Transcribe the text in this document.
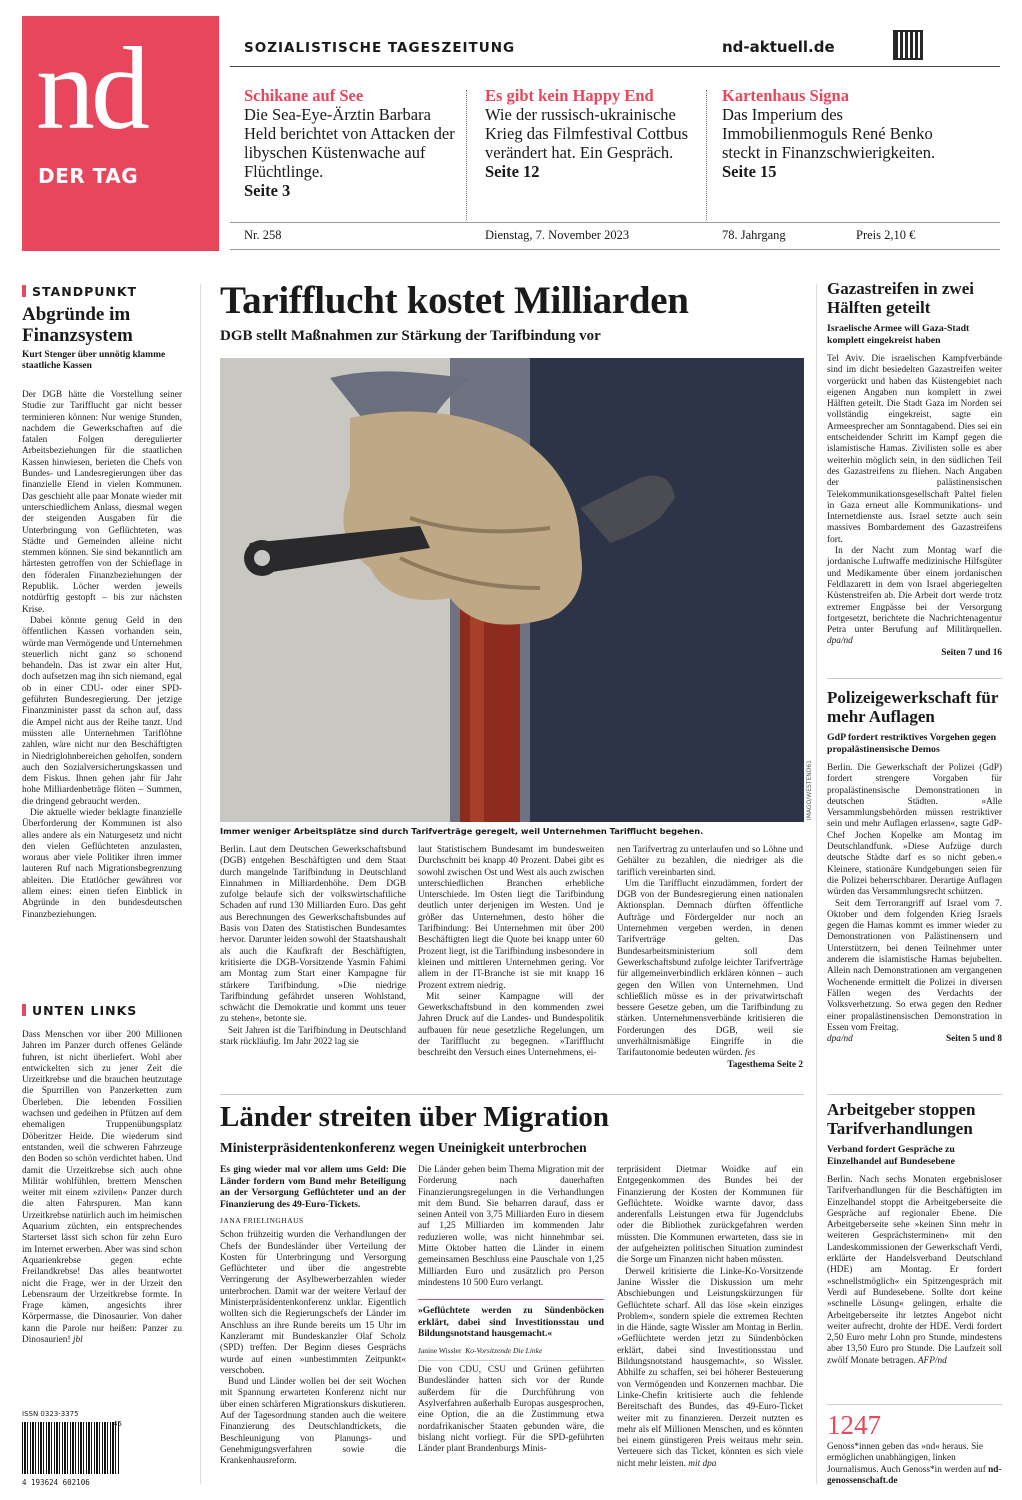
nd
DER TAG
SOZIALISTISCHE TAGESZEITUNG	nd-aktuell.de
Schikane auf See
Die Sea-Eye-Ärztin Barbara Held berichtet von Attacken der libyschen Küstenwache auf Flüchtlinge.
Seite 3
Es gibt kein Happy End
Wie der russisch-ukrainische Krieg das Filmfestival Cottbus verändert hat. Ein Gespräch.
Seite 12
Kartenhaus Signa
Das Imperium des Immobilienmoguls René Benko steckt in Finanzschwierigkeiten.
Seite 15
Nr. 258	Dienstag, 7. November 2023	78. Jahrgang	Preis 2,10 €
STANDPUNKT
Abgründe im Finanzsystem
Kurt Stenger über unnötig klamme staatliche Kassen

Der DGB hätte die Vorstellung seiner Studie zur Tarifflucht gar nicht besser terminieren können: Nur wenige Stunden, nachdem die Gewerkschaften auf die fatalen Folgen deregulierter Arbeitsbeziehungen für die staatlichen Kassen hinwiesen, berieten die Chefs von Bundes- und Landesregierungen über das finanzielle Elend in vielen Kommunen. Das geschieht alle paar Monate wieder mit unterschiedlichem Anlass, diesmal wegen der steigenden Ausgaben für die Unterbringung von Geflüchteten, was Städte und Gemeinden alleine nicht stemmen können. Sie sind bekanntlich am härtesten getroffen von der Schieflage in den föderalen Finanzbeziehungen der Republik. Löcher werden jeweils notdürftig gestopft – bis zur nächsten Krise.

Dabei könnte genug Geld in den öffentlichen Kassen vorhanden sein, würde man Vermögende und Unternehmen steuerlich nicht ganz so schonend behandeln. Das ist zwar ein alter Hut, doch aufsetzen mag ihn sich niemand, egal ob in einer CDU- oder einer SPD-geführten Bundesregierung. Der jetzige Finanzminister passt da schon auf, dass die Ampel nicht aus der Reihe tanzt. Und müssten alle Unternehmen Tariflöhne zahlen, wäre nicht nur den Beschäftigten in Niedriglohnbereichen geholfen, sondern auch den Sozialversicherungskassen und dem Fiskus. Ihnen gehen jahr für Jahr hohe Milliardenbeträge flöten – Summen, die dringend gebraucht werden.

Die aktuelle wieder beklagte finanzielle Überforderung der Kommunen ist also alles andere als ein Naturgesetz und nicht den vielen Geflüchteten anzulasten, woraus aber viele Politiker ihren immer lauteren Ruf nach Migrationsbegrenzung ableiten. Die Etatlöcher gewähren vor allem eines: einen tiefen Einblick in Abgründe in den bundesdeutschen Finanzbeziehungen.

UNTEN LINKS

Dass Menschen vor über 200 Millionen Jahren im Panzer durch offenes Gelände fuhren, ist nicht überliefert. Wohl aber entwickelten sich zu jener Zeit die Urzeitkrebse und die brauchen heutzutage die Spurrillen von Panzerketten zum Überleben. Die lebenden Fossilien wachsen und gedeihen in Pfützen auf dem ehemaligen Truppenübungsplatz Döberitzer Heide. Die wiederum sind entstanden, weil die schweren Fahrzeuge den Boden so schön verdichtet haben. Und damit die Urzeitkrebse sich auch ohne Militär wohlfühlen, brettern Menschen weiter mit einem »zivilen« Panzer durch die alten Fahrspuren. Man kann Urzeitkrebse natürlich auch im heimischen Aquarium züchten, ein entsprechendes Starterset lässt sich schon für zehn Euro im Internet erwerben. Aber was sind schon Aquarienkrebse gegen echte Freilandkrebse! Das alles beantwortet nicht die Frage, wer in der Urzeit den Lebensraum der Urzeitkrebse formte. In Frage kämen, angesichts ihrer Körpermasse, die Dinosaurier. Von daher kann die Parole nur heißen: Panzer zu Dinosaurien! jbl

ISSN 0323-3375
45
4 193624 602106
Tarifflucht kostet Milliarden
DGB stellt Maßnahmen zur Stärkung der Tarifbindung vor
IMAGO/WESTEND61
Immer weniger Arbeitsplätze sind durch Tarifverträge geregelt, weil Unternehmen Tarifflucht begehen.

Berlin. Laut dem Deutschen Gewerkschaftsbund (DGB) entgehen Beschäftigten und dem Staat durch mangelnde Tarifbindung in Deutschland Einnahmen in Milliardenhöhe. Dem DGB zufolge belaufe sich der volkswirtschaftliche Schaden auf rund 130 Milliarden Euro. Das geht aus Berechnungen des Gewerkschaftsbundes auf Basis von Daten des Statistischen Bundesamtes hervor. Darunter leiden sowohl der Staatshaushalt als auch die Kaufkraft der Beschäftigten, kritisierte die DGB-Vorsitzende Yasmin Fahimi am Montag zum Start einer Kampagne für stärkere Tarifbindung. »Die niedrige Tarifbindung gefährdet unseren Wohlstand, schwächt die Demokratie und kommt uns teuer zu stehen«, betonte sie.

Seit Jahren ist die Tarifbindung in Deutschland stark rückläufig. Im Jahr 2022 lag sie

laut Statistischem Bundesamt im bundesweiten Durchschnitt bei knapp 40 Prozent. Dabei gibt es sowohl zwischen Ost und West als auch zwischen unterschiedlichen Branchen erhebliche Unterschiede. Im Osten liegt die Tarifbindung deutlich unter derjenigen im Westen. Und je größer das Unternehmen, desto höher die Tarifbindung: Bei Unternehmen mit über 200 Beschäftigten liegt die Quote bei knapp unter 60 Prozent liegt, ist die Tarifbindung insbesondere in kleinen und mittleren Unternehmen gering. Vor allem in der IT-Branche ist sie mit knapp 16 Prozent extrem niedrig.

Mit seiner Kampagne will der Gewerkschaftsbund in den kommenden zwei Jahren Druck auf die Landes- und Bundespolitik aufbauen für neue gesetzliche Regelungen, um der Tarifflucht zu begegnen. »Tarifflucht beschreibt den Versuch eines Unternehmens, ei-

nen Tarifvertrag zu unterlaufen und so Löhne und Gehälter zu bezahlen, die niedriger als die tariflich vereinbarten sind.

Um die Tarifflucht einzudämmen, fordert der DGB von der Bundesregierung einen nationalen Aktionsplan. Demnach dürften öffentliche Aufträge und Fördergelder nur noch an Unternehmen vergeben werden, in denen Tarifverträge gelten. Das Bundesarbeitsministerium soll dem Gewerkschaftsbund zufolge leichter Tarifverträge für allgemeinverbindlich erklären können – auch gegen den Willen von Unternehmen. Und schließlich müsse es in der privatwirtschaft bessere Gesetze geben, um die Tarifbindung zu stärken. Unternehmensverbände kritisieren die Forderungen des DGB, weil sie unverhältnismäßige Eingriffe in die Tarifautonomie bedeuten würden. fes

Tagesthema Seite 2
Länder streiten über Migration
Ministerpräsidentenkonferenz wegen Uneinigkeit unterbrochen
Es ging wieder mal vor allem ums Geld: Die Länder fordern vom Bund mehr Beteiligung an der Versorgung Geflüchteter und an der Finanzierung des 49-Euro-Tickets.
JANA FRIELINGHAUS

Schon frühzeitig wurden die Verhandlungen der Chefs der Bundesländer über Verteilung der Kosten für Unterbringung und Versorgung Geflüchteter und über die angestrebte Verringerung der Asylbewerberzahlen wieder unterbrochen. Damit war der weitere Verlauf der Ministerpräsidentenkonferenz unklar. Eigentlich wollten sich die Regierungschefs der Länder im Anschluss an ihre Runde bereits um 15 Uhr im Kanzleramt mit Bundeskanzler Olaf Scholz (SPD) treffen. Der Beginn dieses Gesprächs wurde auf einen »unbestimmten Zeitpunkt« verschoben.

Bund und Länder wollen bei der seit Wochen mit Spannung erwarteten Konferenz nicht nur über einen schärferen Migrationskurs diskutieren. Auf der Tagesordnung standen auch die weitere Finanzierung des Deutschlandtickets, die Beschleunigung von Planungs- und Genehmigungsverfahren sowie die Krankenhausreform.

Die Länder gehen beim Thema Migration mit der Forderung nach dauerhaften Finanzierungsregelungen in die Verhandlungen mit dem Bund. Sie beharren darauf, dass er seinen Anteil von 3,75 Milliarden Euro in diesem auf 1,25 Milliarden im kommenden Jahr reduzieren wolle, was nicht hinnehmbar sei. Mitte Oktober hatten die Länder in einem gemeinsamen Beschluss eine Pauschale von 1,25 Milliarden Euro und zusätzlich pro Person mindestens 10 500 Euro verlangt.

»Geflüchtete werden zu Sündenböcken erklärt, dabei sind Investitionsstau und Bildungsnotstand hausgemacht.«
Janine Wissler Ko-Vorsitzende Die Linke

Die von CDU, CSU und Grünen geführten Bundesländer hatten sich vor der Runde außerdem für die Durchführung von Asylverfahren außerhalb Europas ausgesprochen, eine Option, die an die Zustimmung etwa nordafrikanischer Staaten gebunden wäre, die bislang nicht vorliegt. Für die SPD-geführten Länder plant Brandenburgs Minis-

terpräsident Dietmar Woidke auf ein Entgegenkommen des Bundes bei der Finanzierung der Kosten der Kommunen für Geflüchtete. Woidke warnte davor, dass anderenfalls Leistungen etwa für Jugendclubs oder die Bibliothek zurückgefahren werden müssten. Die Kommunen erwarteten, dass sie in der aufgeheizten politischen Situation zumindest die Sorge um Finanzen nicht haben müssten.

Derweil kritisierte die Linke-Ko-Vorsitzende Janine Wissler die Diskussion um mehr Abschiebungen und Leistungskürzungen für Geflüchtete scharf. All das löse »kein einziges Problem«, sondern spiele die extremen Rechten in die Hände, sagte Wissler am Montag in Berlin. »Geflüchtete werden jetzt zu Sündenböcken erklärt, dabei sind Investitionsstau und Bildungsnotstand hausgemacht«, so Wissler. Abhilfe zu schaffen, sei bei höherer Besteuerung von Vermögenden und Konzernen machbar. Die Linke-Chefin kritisierte auch die fehlende Bereitschaft des Bundes, das 49-Euro-Ticket weiter mit zu finanzieren. Derzeit nutzten es mehr als elf Millionen Menschen, und es könnten bei einem günstigeren Preis weitaus mehr sein. Verteuere sich das Ticket, könnten es sich viele nicht mehr leisten. mit dpa

Gazastreifen in zwei Hälften geteilt
Israelische Armee will Gaza-Stadt komplett eingekreist haben

Tel Aviv. Die israelischen Kampfverbände sind im dicht besiedelten Gazastreifen weiter vorgerückt und haben das Küstengebiet nach eigenen Angaben nun komplett in zwei Hälften geteilt. Die Stadt Gaza im Norden sei vollständig eingekreist, sagte ein Armeesprecher am Sonntagabend. Dies sei ein entscheidender Schritt im Kampf gegen die islamistische Hamas. Zivilisten solle es aber weiterhin möglich sein, in den südlichen Teil des Gazastreifens zu fliehen. Nach Angaben der palästinensischen Telekommunikationsgesellschaft Paltel fielen in Gaza erneut alle Kommunikations- und Internetdienste aus. Israel setzte auch sein massives Bombardement des Gazastreifens fort.

In der Nacht zum Montag warf die jordanische Luftwaffe medizinische Hilfsgüter und Medikamente über einem jordanischen Feldlazarett in dem von Israel abgeriegelten Küstenstreifen ab. Die Arbeit dort werde trotz extremer Engpässe bei der Versorgung fortgesetzt, berichtete die Nachrichtenagentur Petra unter Berufung auf Militärquellen. dpa/nd

Seiten 7 und 16
Polizeigewerkschaft für mehr Auflagen
GdP fordert restriktives Vorgehen gegen propalästinensische Demos

Berlin. Die Gewerkschaft der Polizei (GdP) fordert strengere Vorgaben für propalästinensische Demonstrationen in deutschen Städten. »Alle Versammlungsbehörden müssen restriktiver sein und mehr Auflagen erlassen«, sagte GdP-Chef Jochen Kopelke am Montag im Deutschlandfunk. »Diese Aufzüge durch deutsche Städte darf es so nicht geben.« Kleinere, stationäre Kundgebungen seien für die Polizei beherrschbarer. Derartige Auflagen würden das Versammlungsrecht schützen.

Seit dem Terrorangriff auf Israel vom 7. Oktober und dem folgenden Krieg Israels gegen die Hamas kommt es immer wieder zu Demonstrationen von Palästinensern und Unterstützern, bei denen Teilnehmer unter anderem die islamistische Hamas bejubelten. Allein nach Demonstrationen am vergangenen Wochenende ermittelt die Polizei in diversen Fällen wegen des Verdachts der Volksverhetzung. So etwa gegen den Redner einer propalästinensischen Demonstration in Essen vom Freitag.

dpa/nd	Seiten 5 und 8
Arbeitgeber stoppen Tarifverhandlungen
Verband fordert Gespräche zu Einzelhandel auf Bundesebene

Berlin. Nach sechs Monaten ergebnisloser Tarifverhandlungen für die Beschäftigten im Einzelhandel stoppt die Arbeitgeberseite die Gespräche auf regionaler Ebene. Die Arbeitgeberseite sehe »keinen Sinn mehr in weiteren Gesprächsterminen« mit den Landeskommissionen der Gewerkschaft Verdi, erklärte der Handelsverband Deutschland (HDE) am Montag. Er fordert »schnellstmöglich« ein Spitzengespräch mit Verdi auf Bundesebene. Sollte dort keine »schnelle Lösung« gelingen, erhalte die Arbeitgeberseite ihr letztes Angebot nicht weiter aufrecht, drohte der HDE. Verdi fordert 2,50 Euro mehr Lohn pro Stunde, mindestens aber 13,50 Euro pro Stunde. Die Laufzeit soll zwölf Monate betragen. AFP/nd

1247
Genoss*innen geben das »nd« heraus. Sie ermöglichen unabhängigen, linken Journalismus. Auch Genoss*in werden auf nd-genossenschaft.de
